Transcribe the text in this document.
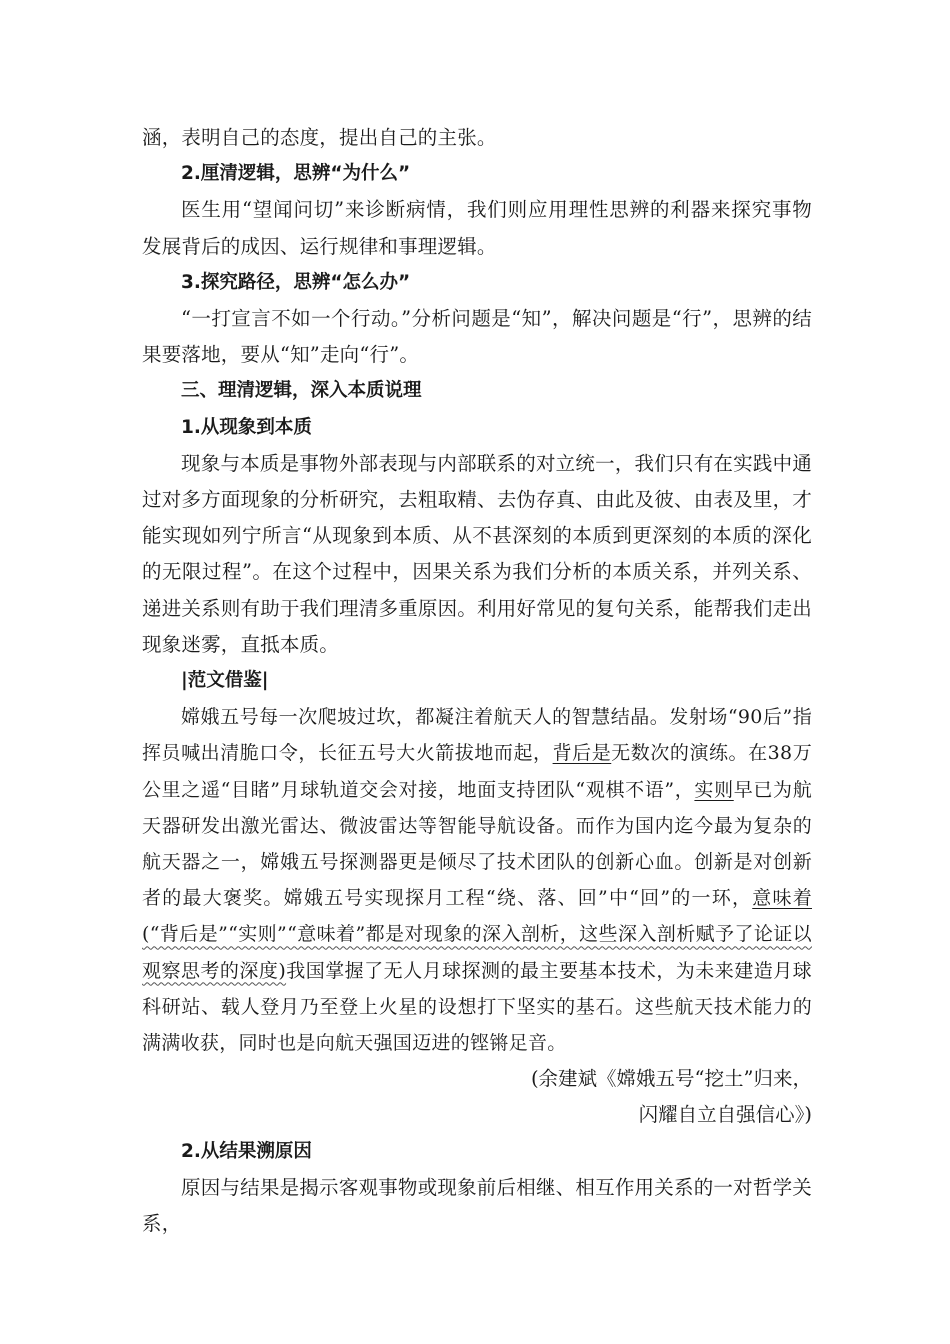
涵，表明自己的态度，提出自己的主张。

2.厘清逻辑，思辨“为什么”

医生用“望闻问切”来诊断病情，我们则应用理性思辨的利器来探究事物发展背后的成因、运行规律和事理逻辑。

3.探究路径，思辨“怎么办”

“一打宣言不如一个行动。”分析问题是“知”，解决问题是“行”，思辨的结果要落地，要从“知”走向“行”。

三、理清逻辑，深入本质说理

1.从现象到本质

现象与本质是事物外部表现与内部联系的对立统一，我们只有在实践中通过对多方面现象的分析研究，去粗取精、去伪存真、由此及彼、由表及里，才能实现如列宁所言“从现象到本质、从不甚深刻的本质到更深刻的本质的深化的无限过程”。在这个过程中，因果关系为我们分析的本质关系，并列关系、递进关系则有助于我们理清多重原因。利用好常见的复句关系，能帮我们走出现象迷雾，直抵本质。

|范文借鉴|

嫦娥五号每一次爬坡过坎，都凝注着航天人的智慧结晶。发射场“90后”指挥员喊出清脆口令，长征五号大火箭拔地而起，背后是无数次的演练。在38万公里之遥“目睹”月球轨道交会对接，地面支持团队“观棋不语”，实则早已为航天器研发出激光雷达、微波雷达等智能导航设备。而作为国内迄今最为复杂的航天器之一，嫦娥五号探测器更是倾尽了技术团队的创新心血。创新是对创新者的最大褒奖。嫦娥五号实现探月工程“绕、落、回”中“回”的一环，意味着(“背后是”“实则”“意味着”都是对现象的深入剖析，这些深入剖析赋予了论证以观察思考的深度)我国掌握了无人月球探测的最主要基本技术，为未来建造月球科研站、载人登月乃至登上火星的设想打下坚实的基石。这些航天技术能力的满满收获，同时也是向航天强国迈进的铿锵足音。

(余建斌《嫦娥五号“挖土”归来，

闪耀自立自强信心》)

2.从结果溯原因

原因与结果是揭示客观事物或现象前后相继、相互作用关系的一对哲学关系，
